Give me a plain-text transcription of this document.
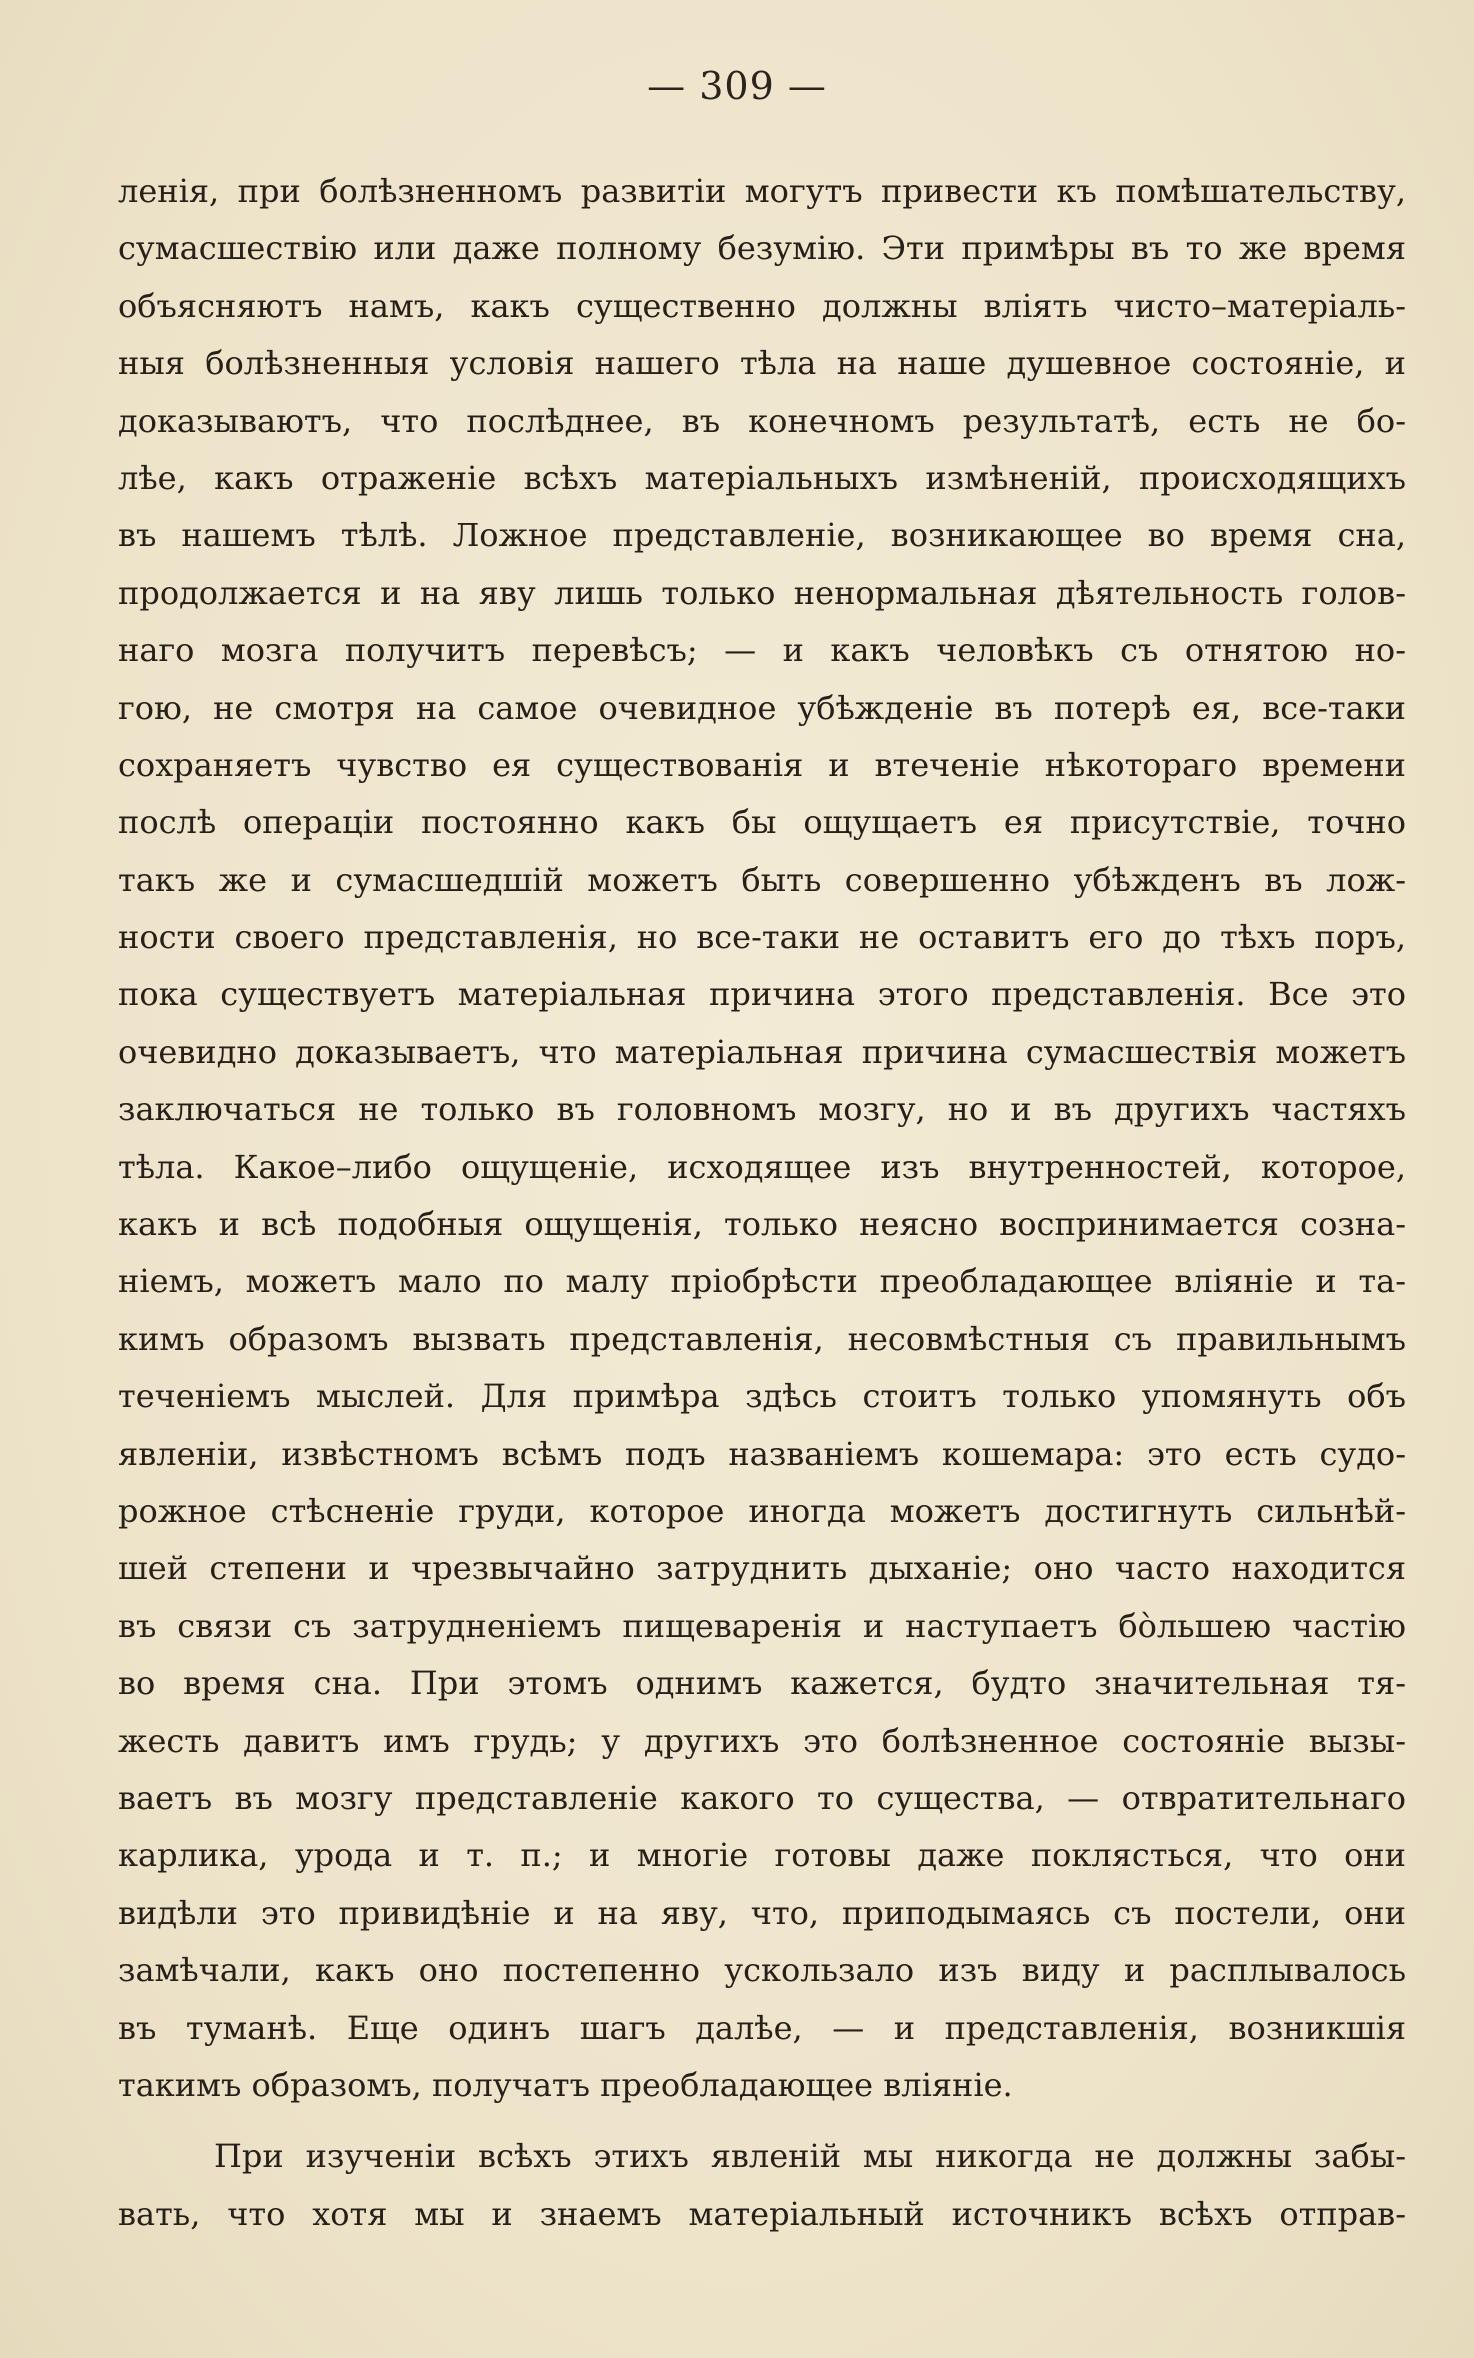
— 309 —
ленія, при болѣзненномъ развитіи могутъ привести къ помѣшательству,
сумасшествію или даже полному безумію. Эти примѣры въ то же время
объясняютъ намъ, какъ существенно должны вліять чисто–матеріаль-
ныя болѣзненныя условія нашего тѣла на наше душевное состояніе, и
доказываютъ, что послѣднее, въ конечномъ результатѣ, есть не бо-
лѣе, какъ отраженіе всѣхъ матеріальныхъ измѣненій, происходящихъ
въ нашемъ тѣлѣ. Ложное представленіе, возникающее во время сна,
продолжается и на яву лишь только ненормальная дѣятельность голов-
наго мозга получитъ перевѣсъ; — и какъ человѣкъ съ отнятою но-
гою, не смотря на самое очевидное убѣжденіе въ потерѣ ея, все-таки
сохраняетъ чувство ея существованія и втеченіе нѣкотораго времени
послѣ операціи постоянно какъ бы ощущаетъ ея присутствіе, точно
такъ же и сумасшедшій можетъ быть совершенно убѣжденъ въ лож-
ности своего представленія, но все-таки не оставитъ его до тѣхъ поръ,
пока существуетъ матеріальная причина этого представленія. Все это
очевидно доказываетъ, что матеріальная причина сумасшествія можетъ
заключаться не только въ головномъ мозгу, но и въ другихъ частяхъ
тѣла. Какое–либо ощущеніе, исходящее изъ внутренностей, которое,
какъ и всѣ подобныя ощущенія, только неясно воспринимается созна-
ніемъ, можетъ мало по малу пріобрѣсти преобладающее вліяніе и та-
кимъ образомъ вызвать представленія, несовмѣстныя съ правильнымъ
теченіемъ мыслей. Для примѣра здѣсь стоитъ только упомянуть объ
явленіи, извѣстномъ всѣмъ подъ названіемъ кошемара: это есть судо-
рожное стѣсненіе груди, которое иногда можетъ достигнуть сильнѣй-
шей степени и чрезвычайно затруднить дыханіе; оно часто находится
въ связи съ затрудненіемъ пищеваренія и наступаетъ бо̀льшею частію
во время сна. При этомъ однимъ кажется, будто значительная тя-
жесть давитъ имъ грудь; у другихъ это болѣзненное состояніе вызы-
ваетъ въ мозгу представленіе какого то существа, — отвратительнаго
карлика, урода и т. п.; и многіе готовы даже поклясться, что они
видѣли это привидѣніе и на яву, что, приподымаясь съ постели, они
замѣчали, какъ оно постепенно ускользало изъ виду и расплывалось
въ туманѣ. Еще одинъ шагъ далѣе, — и представленія, возникшія
такимъ образомъ, получатъ преобладающее вліяніе.
При изученіи всѣхъ этихъ явленій мы никогда не должны забы-
вать, что хотя мы и знаемъ матеріальный источникъ всѣхъ отправ-
